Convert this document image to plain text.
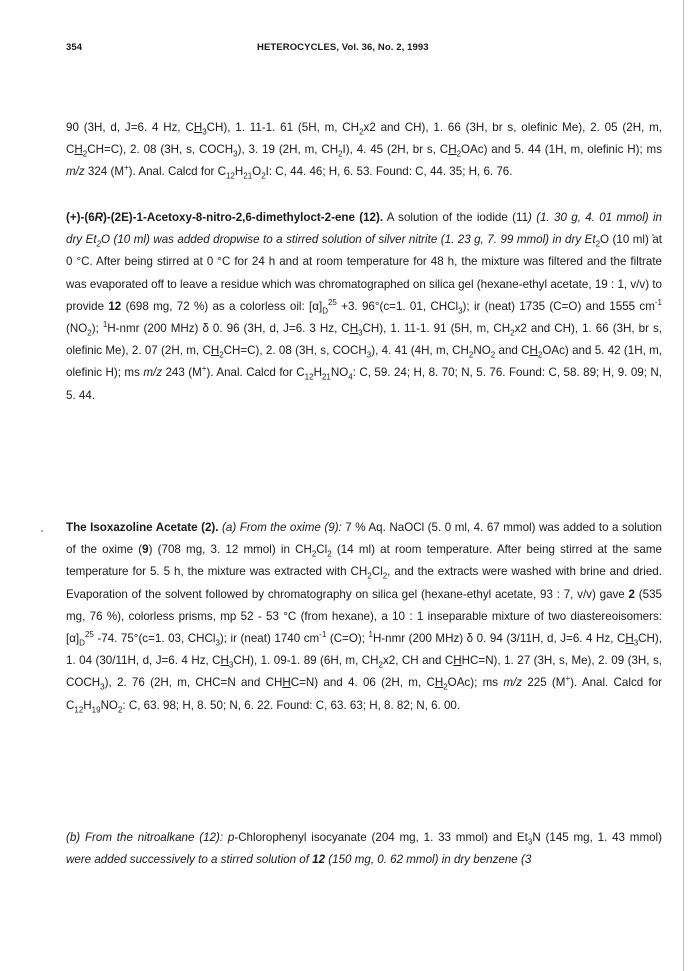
354	HETEROCYCLES, Vol. 36, No. 2, 1993

90 (3H, d, J=6. 4 Hz, $CH_3CH$), 1. 11-1. 61 (5H, m, $CH_2x2$ and CH), 1. 66 (3H, br s, olefinic Me), 2. 05 (2H, m, $CH_2CH=C$), 2. 08 (3H, s, $COCH_3$), 3. 19 (2H, m, $CH_2I$), 4. 45 (2H, br s, $CH_2OAc$) and 5. 44 (1H, m, olefinic H); ms m/z 324 (M+). Anal. Calcd for $C_{12}H_{21}O_2I$: C, 44. 46; H, 6. 53. Found: C, 44. 35; H, 6. 76.

(+)-(6R)-(2E)-1-Acetoxy-8-nitro-2,6-dimethyloct-2-ene (12). A solution of the iodide (11) (1. 30 g, 4. 01 mmol) in dry $Et_2O$ (10 ml) was added dropwise to a stirred solution of silver nitrite (1. 23 g, 7. 99 mmol) in dry $Et_2O$ (10 ml) at 0 °C. After being stirred at 0 °C for 24 h and at room temperature for 48 h, the mixture was filtered and the filtrate was evaporated off to leave a residue which was chromatographed on silica gel (hexane-ethyl acetate, 19 : 1, v/v) to provide 12 (698 mg, 72 %) as a colorless oil: $[\alpha]_D^{25} +3$. 96°(c=1. 01, CHCl$_3$); ir (neat) 1735 (C=O) and 1555 $cm^{-1}$ $(NO_2)$; $^1$H-nmr (200 MHz) δ 0. 96 (3H, d, J=6. 3 Hz, $CH_3CH$), 1. 11-1. 91 (5H, m, $CH_2x2$ and CH), 1. 66 (3H, br s, olefinic Me), 2. 07 (2H, m, $CH_2CH=C$), 2. 08 (3H, s, $COCH_3$), 4. 41 (4H, m, $CH_2NO_2$ and $CH_2OAc$) and 5. 42 (1H, m, olefinic H); ms m/z 243 (M+). Anal. Calcd for $C_{12}H_{21}NO_4$: C, 59. 24; H, 8. 70; N, 5. 76. Found: C, 58. 89; H, 9. 09; N, 5. 44.

The Isoxazoline Acetate (2). (a) From the oxime (9): 7 % Aq. NaOCl (5. 0 ml, 4. 67 mmol) was added to a solution of the oxime (9) (708 mg, 3. 12 mmol) in $CH_2Cl_2$ (14 ml) at room temperature. After being stirred at the same temperature for 5. 5 h, the mixture was extracted with $CH_2Cl_2$, and the extracts were washed with brine and dried. Evaporation of the solvent followed by chromatography on silica gel (hexane-ethyl acetate, 93 : 7, v/v) gave 2 (535 mg, 76 %), colorless prisms, mp 52 - 53 °C (from hexane), a 10 : 1 inseparable mixture of two diastereoisomers: $[\alpha]_D^{25}$ -74. 75°(c=1. 03, CHCl$_3$); ir (neat) 1740 $cm^{-1}$ (C=O); $^1$H-nmr (200 MHz) δ 0. 94 (3/11H, d, J=6. 4 Hz, $CH_3CH$), 1. 04 (30/11H, d, J=6. 4 Hz, $CH_3CH$), 1. 09-1. 89 (6H, m, $CH_2x2$, CH and CHHC=N), 1. 27 (3H, s, Me), 2. 09 (3H, s, $COCH_3$), 2. 76 (2H, m, CHC=N and CHHC=N) and 4. 06 (2H, m, $CH_2OAc$); ms m/z 225 (M+). Anal. Calcd for $C_{12}H_{19}NO_2$: C, 63. 98; H, 8. 50; N, 6. 22. Found: C, 63. 63; H, 8. 82; N, 6. 00.

(b) From the nitroalkane (12): p-Chlorophenyl isocyanate (204 mg, 1. 33 mmol) and $Et_3N$ (145 mg, 1. 43 mmol) were added successively to a stirred solution of 12 (150 mg, 0. 62 mmol) in dry benzene (3
